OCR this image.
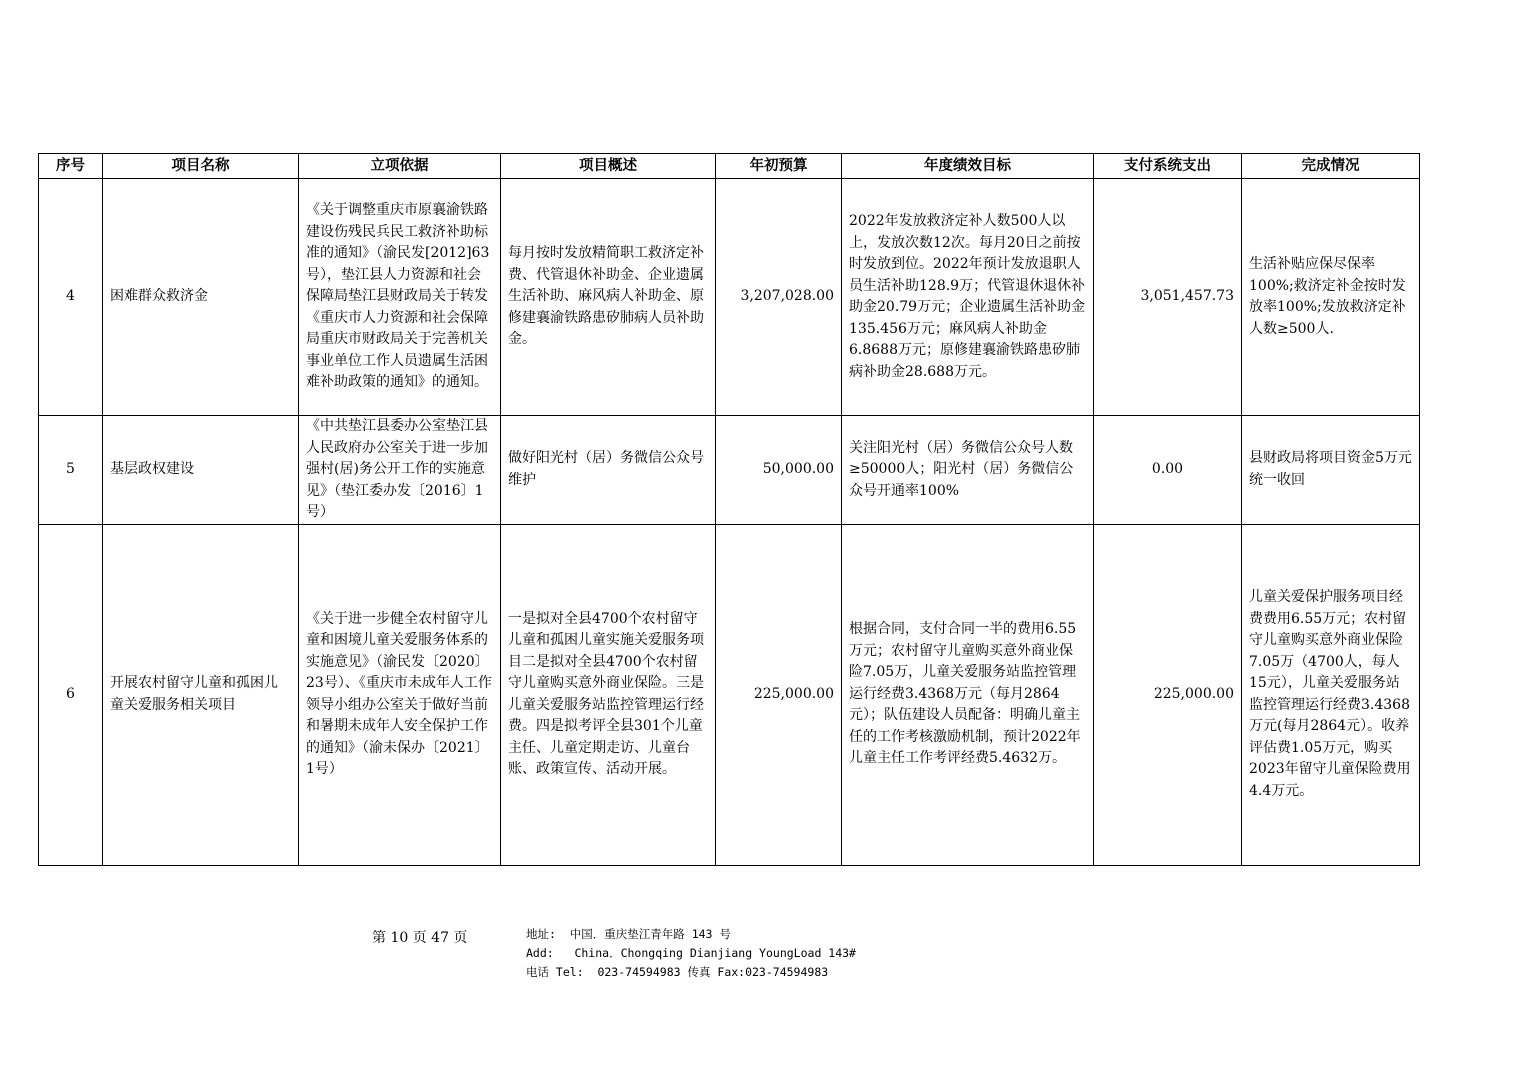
序号	项目名称	立项依据	项目概述	年初预算	年度绩效目标	支付系统支出	完成情况
4	困难群众救济金	《关于调整重庆市原襄渝铁路建设伤残民兵民工救济补助标准的通知》（渝民发[2012]63号），垫江县人力资源和社会保障局垫江县财政局关于转发《重庆市人力资源和社会保障局重庆市财政局关于完善机关事业单位工作人员遗属生活困难补助政策的通知》的通知。	每月按时发放精简职工救济定补费、代管退休补助金、企业遗属生活补助、麻风病人补助金、原修建襄渝铁路患矽肺病人员补助金。	3,207,028.00	2022年发放救济定补人数500人以上，发放次数12次。每月20日之前按时发放到位。2022年预计发放退职人员生活补助128.9万；代管退休退休补助金20.79万元；企业遗属生活补助金135.456万元；麻风病人补助金6.8688万元；原修建襄渝铁路患矽肺病补助金28.688万元。	3,051,457.73	生活补贴应保尽保率100%;救济定补金按时发放率100%;发放救济定补人数≥500人.
5	基层政权建设	《中共垫江县委办公室垫江县人民政府办公室关于进一步加强村(居)务公开工作的实施意见》（垫江委办发〔2016〕1号）	做好阳光村（居）务微信公众号维护	50,000.00	关注阳光村（居）务微信公众号人数≥50000人；阳光村（居）务微信公众号开通率100%	0.00	县财政局将项目资金5万元统一收回
6	开展农村留守儿童和孤困儿童关爱服务相关项目	《关于进一步健全农村留守儿童和困境儿童关爱服务体系的实施意见》（渝民发〔2020〕23号）、《重庆市未成年人工作领导小组办公室关于做好当前和暑期未成年人安全保护工作的通知》（渝未保办〔2021〕1号）	一是拟对全县4700个农村留守儿童和孤困儿童实施关爱服务项目二是拟对全县4700个农村留守儿童购买意外商业保险。三是儿童关爱服务站监控管理运行经费。四是拟考评全县301个儿童主任、儿童定期走访、儿童台账、政策宣传、活动开展。	225,000.00	根据合同，支付合同一半的费用6.55万元；农村留守儿童购买意外商业保险7.05万，儿童关爱服务站监控管理运行经费3.4368万元（每月2864元）；队伍建设人员配备：明确儿童主任的工作考核激励机制，预计2022年儿童主任工作考评经费5.4632万。	225,000.00	儿童关爱保护服务项目经费费用6.55万元；农村留守儿童购买意外商业保险7.05万（4700人，每人15元），儿童关爱服务站监控管理运行经费3.4368万元(每月2864元）。收养评估费1.05万元，购买2023年留守儿童保险费用4.4万元。
第 10 页 47 页	地址:  中国．重庆垫江青年路 143 号
Add:   China．Chongqing Dianjiang YoungLoad 143#
电话 Tel:  023-74594983 传真 Fax:023-74594983
